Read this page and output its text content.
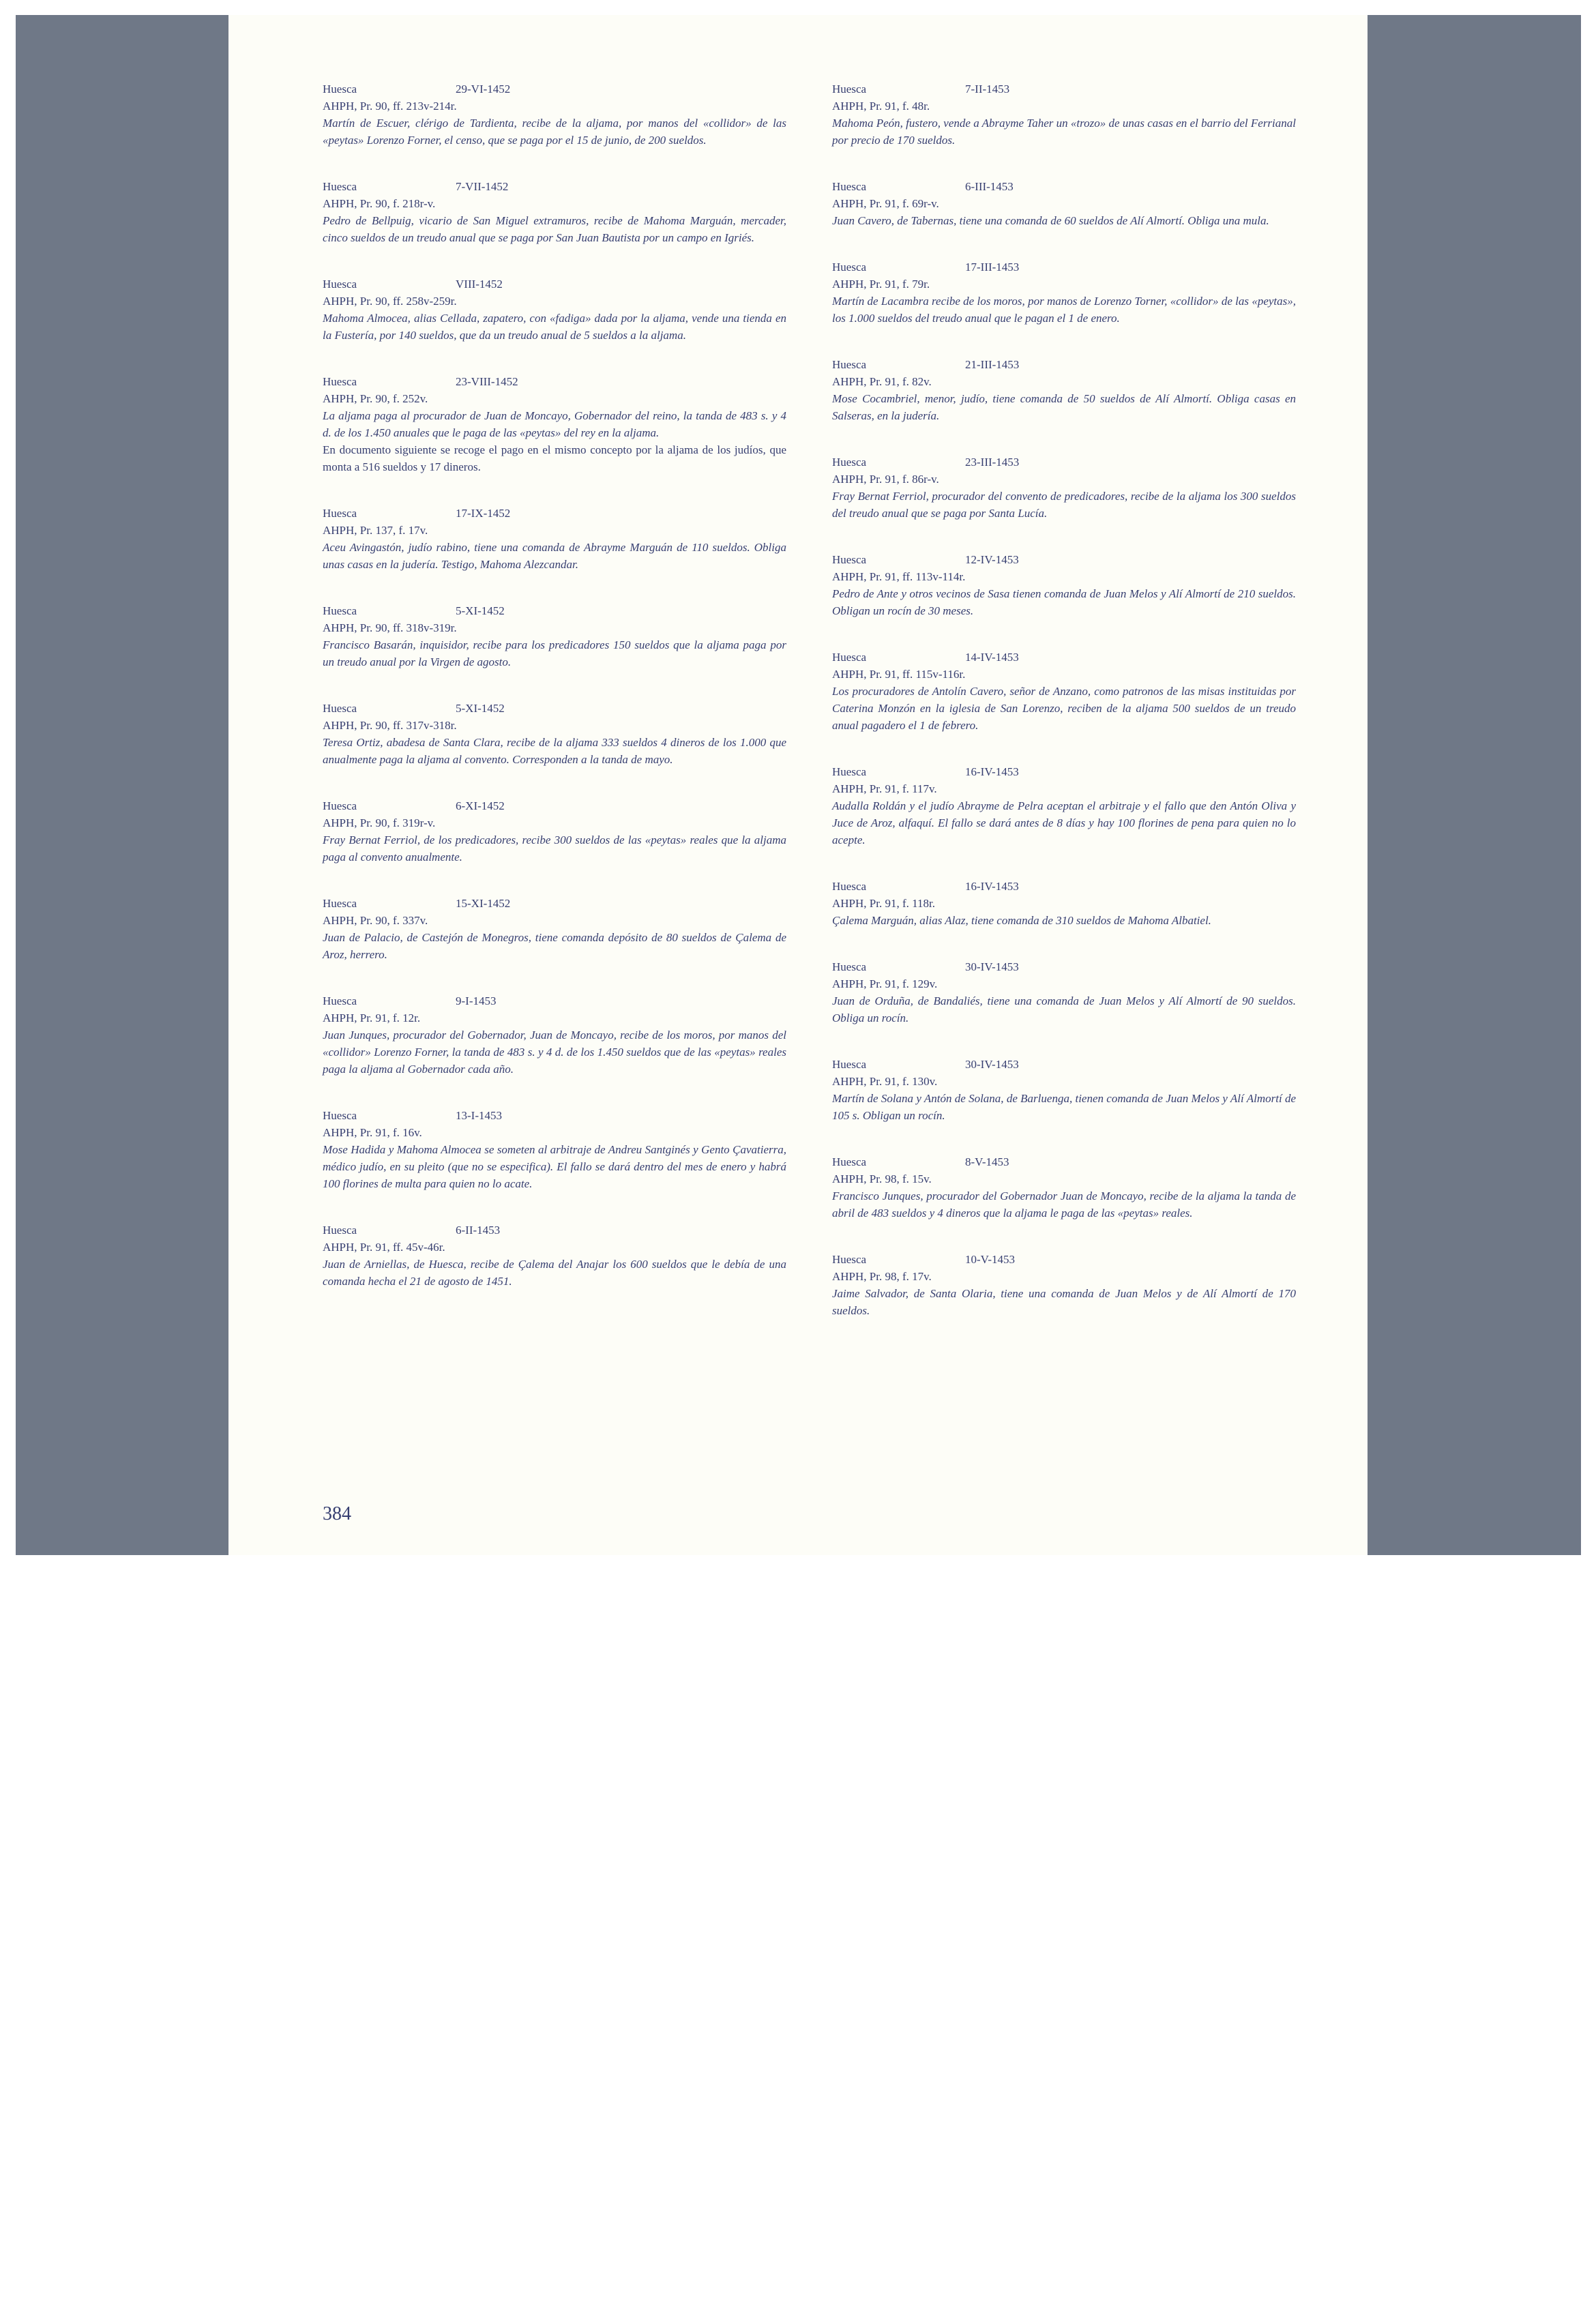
Huesca	29-VI-1452
AHPH, Pr. 90, ff. 213v-214r.

Martín de Escuer, clérigo de Tardienta, recibe de la aljama, por manos del «collidor» de las «peytas» Lorenzo Forner, el censo, que se paga por el 15 de junio, de 200 sueldos.

Huesca	7-VII-1452
AHPH, Pr. 90, f. 218r-v.

Pedro de Bellpuig, vicario de San Miguel extramuros, recibe de Mahoma Marguán, mercader, cinco sueldos de un treudo anual que se paga por San Juan Bautista por un campo en Igriés.

Huesca	VIII-1452
AHPH, Pr. 90, ff. 258v-259r.

Mahoma Almocea, alias Cellada, zapatero, con «fadiga» dada por la aljama, vende una tienda en la Fustería, por 140 sueldos, que da un treudo anual de 5 sueldos a la aljama.

Huesca	23-VIII-1452
AHPH, Pr. 90, f. 252v.

La aljama paga al procurador de Juan de Moncayo, Gobernador del reino, la tanda de 483 s. y 4 d. de los 1.450 anuales que le paga de las «peytas» del rey en la aljama.

En documento siguiente se recoge el pago en el mismo concepto por la aljama de los judíos, que monta a 516 sueldos y 17 dineros.

Huesca	17-IX-1452
AHPH, Pr. 137, f. 17v.

Aceu Avingastón, judío rabino, tiene una comanda de Abrayme Marguán de 110 sueldos. Obliga unas casas en la judería. Testigo, Mahoma Alezcandar.

Huesca	5-XI-1452
AHPH, Pr. 90, ff. 318v-319r.

Francisco Basarán, inquisidor, recibe para los predicadores 150 sueldos que la aljama paga por un treudo anual por la Virgen de agosto.

Huesca	5-XI-1452
AHPH, Pr. 90, ff. 317v-318r.

Teresa Ortiz, abadesa de Santa Clara, recibe de la aljama 333 sueldos 4 dineros de los 1.000 que anualmente paga la aljama al convento. Corresponden a la tanda de mayo.

Huesca	6-XI-1452
AHPH, Pr. 90, f. 319r-v.

Fray Bernat Ferriol, de los predicadores, recibe 300 sueldos de las «peytas» reales que la aljama paga al convento anualmente.

Huesca	15-XI-1452
AHPH, Pr. 90, f. 337v.

Juan de Palacio, de Castejón de Monegros, tiene comanda depósito de 80 sueldos de Çalema de Aroz, herrero.

Huesca	9-I-1453
AHPH, Pr. 91, f. 12r.

Juan Junques, procurador del Gobernador, Juan de Moncayo, recibe de los moros, por manos del «collidor» Lorenzo Forner, la tanda de 483 s. y 4 d. de los 1.450 sueldos que de las «peytas» reales paga la aljama al Gobernador cada año.

Huesca	13-I-1453
AHPH, Pr. 91, f. 16v.

Mose Hadida y Mahoma Almocea se someten al arbitraje de Andreu Santginés y Gento Çavatierra, médico judío, en su pleito (que no se especifica). El fallo se dará dentro del mes de enero y habrá 100 florines de multa para quien no lo acate.

Huesca	6-II-1453
AHPH, Pr. 91, ff. 45v-46r.

Juan de Arniellas, de Huesca, recibe de Çalema del Anajar los 600 sueldos que le debía de una comanda hecha el 21 de agosto de 1451.

Huesca	7-II-1453
AHPH, Pr. 91, f. 48r.

Mahoma Peón, fustero, vende a Abrayme Taher un «trozo» de unas casas en el barrio del Ferrianal por precio de 170 sueldos.

Huesca	6-III-1453
AHPH, Pr. 91, f. 69r-v.

Juan Cavero, de Tabernas, tiene una comanda de 60 sueldos de Alí Almortí. Obliga una mula.

Huesca	17-III-1453
AHPH, Pr. 91, f. 79r.

Martín de Lacambra recibe de los moros, por manos de Lorenzo Torner, «collidor» de las «peytas», los 1.000 sueldos del treudo anual que le pagan el 1 de enero.

Huesca	21-III-1453
AHPH, Pr. 91, f. 82v.

Mose Cocambriel, menor, judío, tiene comanda de 50 sueldos de Alí Almortí. Obliga casas en Salseras, en la judería.

Huesca	23-III-1453
AHPH, Pr. 91, f. 86r-v.

Fray Bernat Ferriol, procurador del convento de predicadores, recibe de la aljama los 300 sueldos del treudo anual que se paga por Santa Lucía.

Huesca	12-IV-1453
AHPH, Pr. 91, ff. 113v-114r.

Pedro de Ante y otros vecinos de Sasa tienen comanda de Juan Melos y Alí Almortí de 210 sueldos. Obligan un rocín de 30 meses.

Huesca	14-IV-1453
AHPH, Pr. 91, ff. 115v-116r.

Los procuradores de Antolín Cavero, señor de Anzano, como patronos de las misas instituidas por Caterina Monzón en la iglesia de San Lorenzo, reciben de la aljama 500 sueldos de un treudo anual pagadero el 1 de febrero.

Huesca	16-IV-1453
AHPH, Pr. 91, f. 117v.

Audalla Roldán y el judío Abrayme de Pelra aceptan el arbitraje y el fallo que den Antón Oliva y Juce de Aroz, alfaquí. El fallo se dará antes de 8 días y hay 100 florines de pena para quien no lo acepte.

Huesca	16-IV-1453
AHPH, Pr. 91, f. 118r.

Çalema Marguán, alias Alaz, tiene comanda de 310 sueldos de Mahoma Albatiel.

Huesca	30-IV-1453
AHPH, Pr. 91, f. 129v.

Juan de Orduña, de Bandaliés, tiene una comanda de Juan Melos y Alí Almortí de 90 sueldos. Obliga un rocín.

Huesca	30-IV-1453
AHPH, Pr. 91, f. 130v.

Martín de Solana y Antón de Solana, de Barluenga, tienen comanda de Juan Melos y Alí Almortí de 105 s. Obligan un rocín.

Huesca	8-V-1453
AHPH, Pr. 98, f. 15v.

Francisco Junques, procurador del Gobernador Juan de Moncayo, recibe de la aljama la tanda de abril de 483 sueldos y 4 dineros que la aljama le paga de las «peytas» reales.

Huesca	10-V-1453
AHPH, Pr. 98, f. 17v.

Jaime Salvador, de Santa Olaria, tiene una comanda de Juan Melos y de Alí Almortí de 170 sueldos.

384
